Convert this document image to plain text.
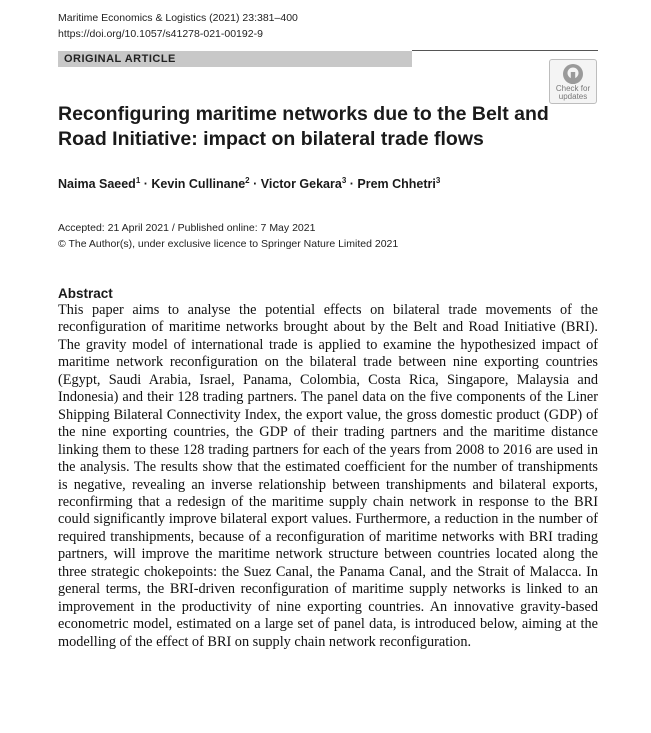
Maritime Economics & Logistics (2021) 23:381–400
https://doi.org/10.1057/s41278-021-00192-9
ORIGINAL ARTICLE
Check for
updates
Reconfiguring maritime networks due to the Belt and Road Initiative: impact on bilateral trade flows
Naima Saeed$^1$ · Kevin Cullinane$^2$ · Victor Gekara$^3$ · Prem Chhetri$^3$
Accepted: 21 April 2021 / Published online: 7 May 2021
© The Author(s), under exclusive licence to Springer Nature Limited 2021
Abstract
This paper aims to analyse the potential effects on bilateral trade movements of the reconfiguration of maritime networks brought about by the Belt and Road Initiative (BRI). The gravity model of international trade is applied to examine the hypothesized impact of maritime network reconfiguration on the bilateral trade between nine exporting countries (Egypt, Saudi Arabia, Israel, Panama, Colombia, Costa Rica, Singapore, Malaysia and Indonesia) and their 128 trading partners. The panel data on the five components of the Liner Shipping Bilateral Connectivity Index, the export value, the gross domestic product (GDP) of the nine exporting countries, the GDP of their trading partners and the maritime distance linking them to these 128 trading partners for each of the years from 2008 to 2016 are used in the analysis. The results show that the estimated coefficient for the number of transhipments is negative, revealing an inverse relationship between transhipments and bilateral exports, reconfirming that a redesign of the maritime supply chain network in response to the BRI could significantly improve bilateral export values. Furthermore, a reduction in the number of required transhipments, because of a reconfiguration of maritime networks with BRI trading partners, will improve the maritime network structure between countries located along the three strategic chokepoints: the Suez Canal, the Panama Canal, and the Strait of Malacca. In general terms, the BRI-driven reconfiguration of maritime supply networks is linked to an improvement in the productivity of nine exporting countries. An innovative gravity-based econometric model, estimated on a large set of panel data, is introduced below, aiming at the modelling of the effect of BRI on supply chain network reconfiguration.
